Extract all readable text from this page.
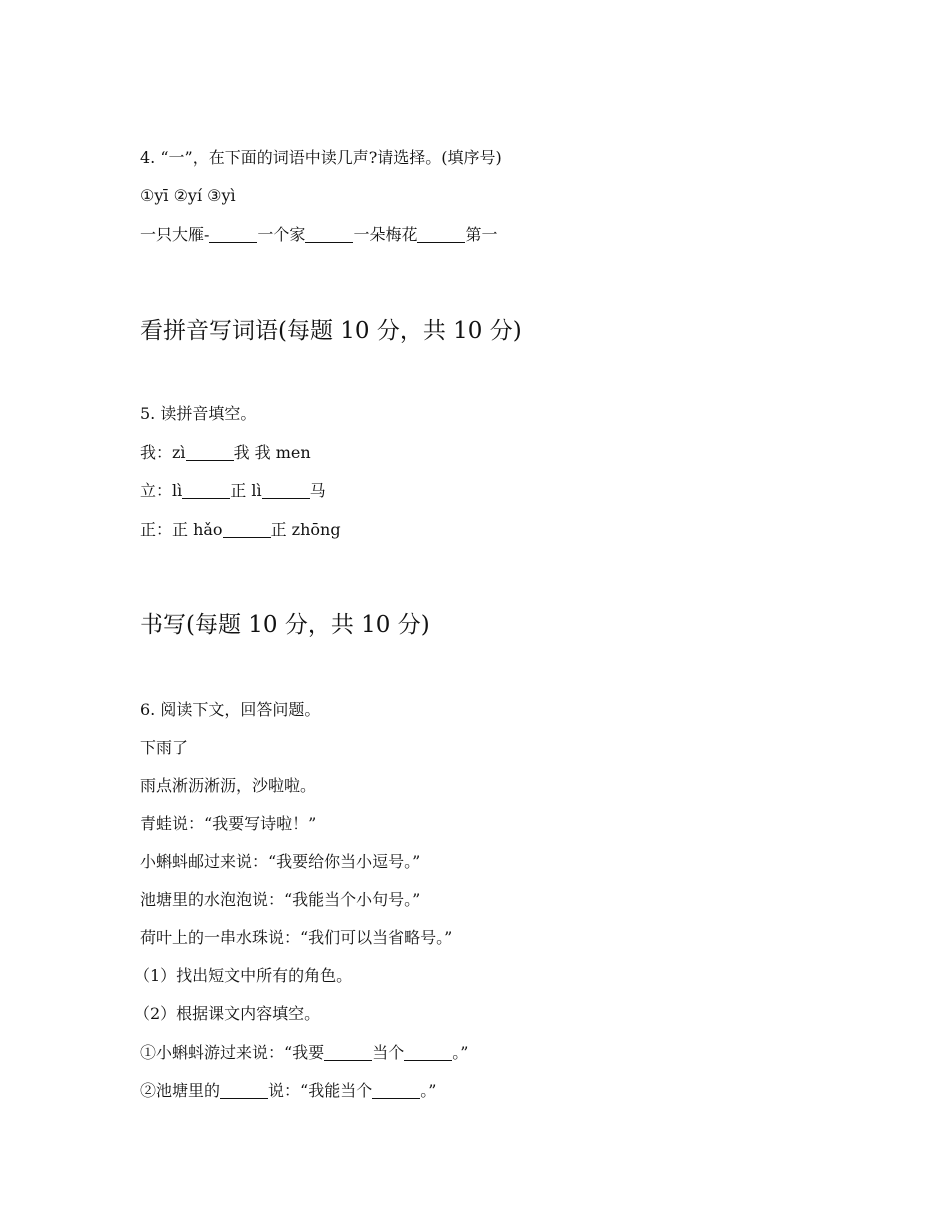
4. “一”，在下面的词语中读几声?请选择。(填序号)
①yī ②yí ③yì
一只大雁-	一个家	一朵梅花	第一
看拼音写词语(每题 10 分，共 10 分)
5. 读拼音填空。
我：zì	我 我 men
立：lì	正 lì	马
正：正 hǎo	正 zhōng
书写(每题 10 分，共 10 分)
6. 阅读下文，回答问题。
下雨了
雨点淅沥淅沥，沙啦啦。
青蛙说：“我要写诗啦！”
小蝌蚪邮过来说：“我要给你当小逗号。”
池塘里的水泡泡说：“我能当个小句号。”
荷叶上的一串水珠说：“我们可以当省略号。”
（1）找出短文中所有的角色。
（2）根据课文内容填空。
①小蝌蚪游过来说：“我要	当个	。”
②池塘里的	说：“我能当个	。”
